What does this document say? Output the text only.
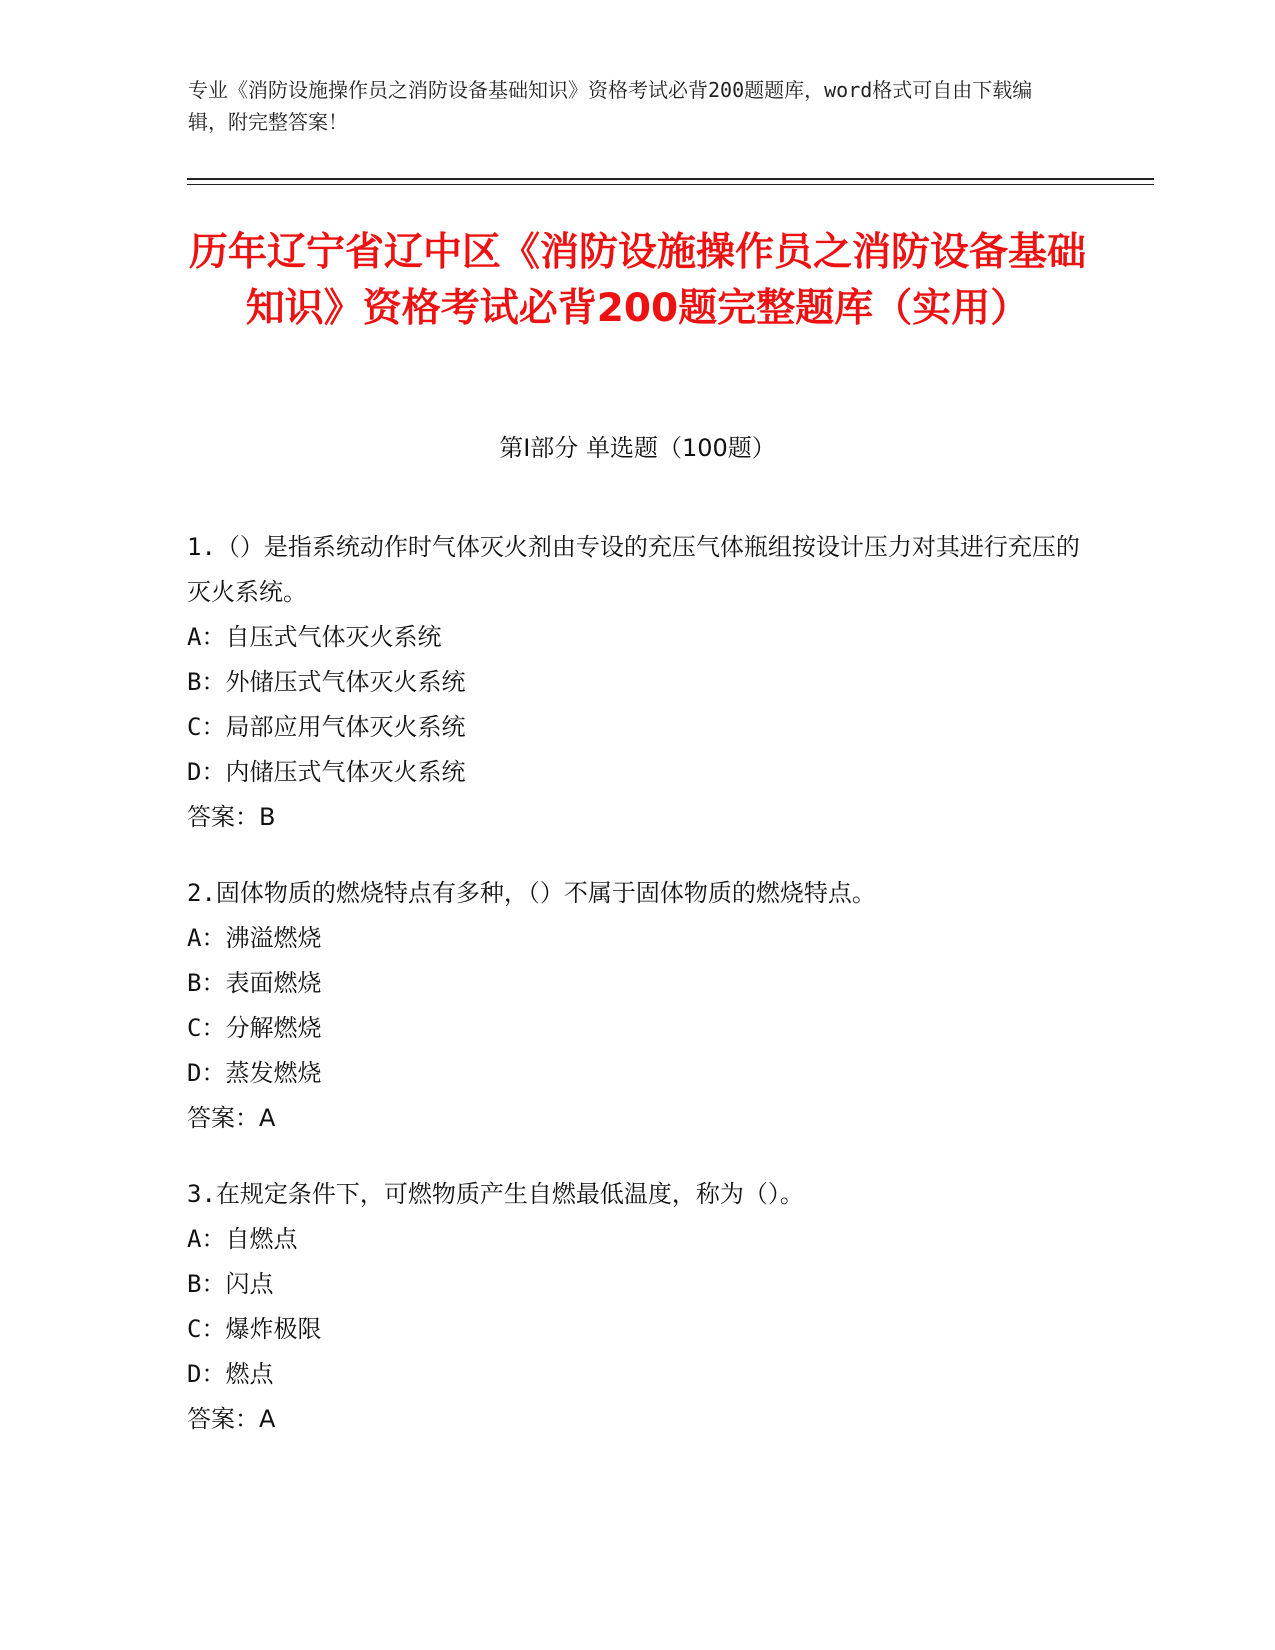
专业《消防设施操作员之消防设备基础知识》资格考试必背200题题库，word格式可自由下载编辑，附完整答案！
历年辽宁省辽中区《消防设施操作员之消防设备基础知识》资格考试必背200题完整题库（实用）
第Ⅰ部分 单选题（100题）
1.（）是指系统动作时气体灭火剂由专设的充压气体瓶组按设计压力对其进行充压的灭火系统。
A：自压式气体灭火系统
B：外储压式气体灭火系统
C：局部应用气体灭火系统
D：内储压式气体灭火系统
答案：B
2.固体物质的燃烧特点有多种，（）不属于固体物质的燃烧特点。
A：沸溢燃烧
B：表面燃烧
C：分解燃烧
D：蒸发燃烧
答案：A
3.在规定条件下，可燃物质产生自燃最低温度，称为（）。
A：自燃点
B：闪点
C：爆炸极限
D：燃点
答案：A
